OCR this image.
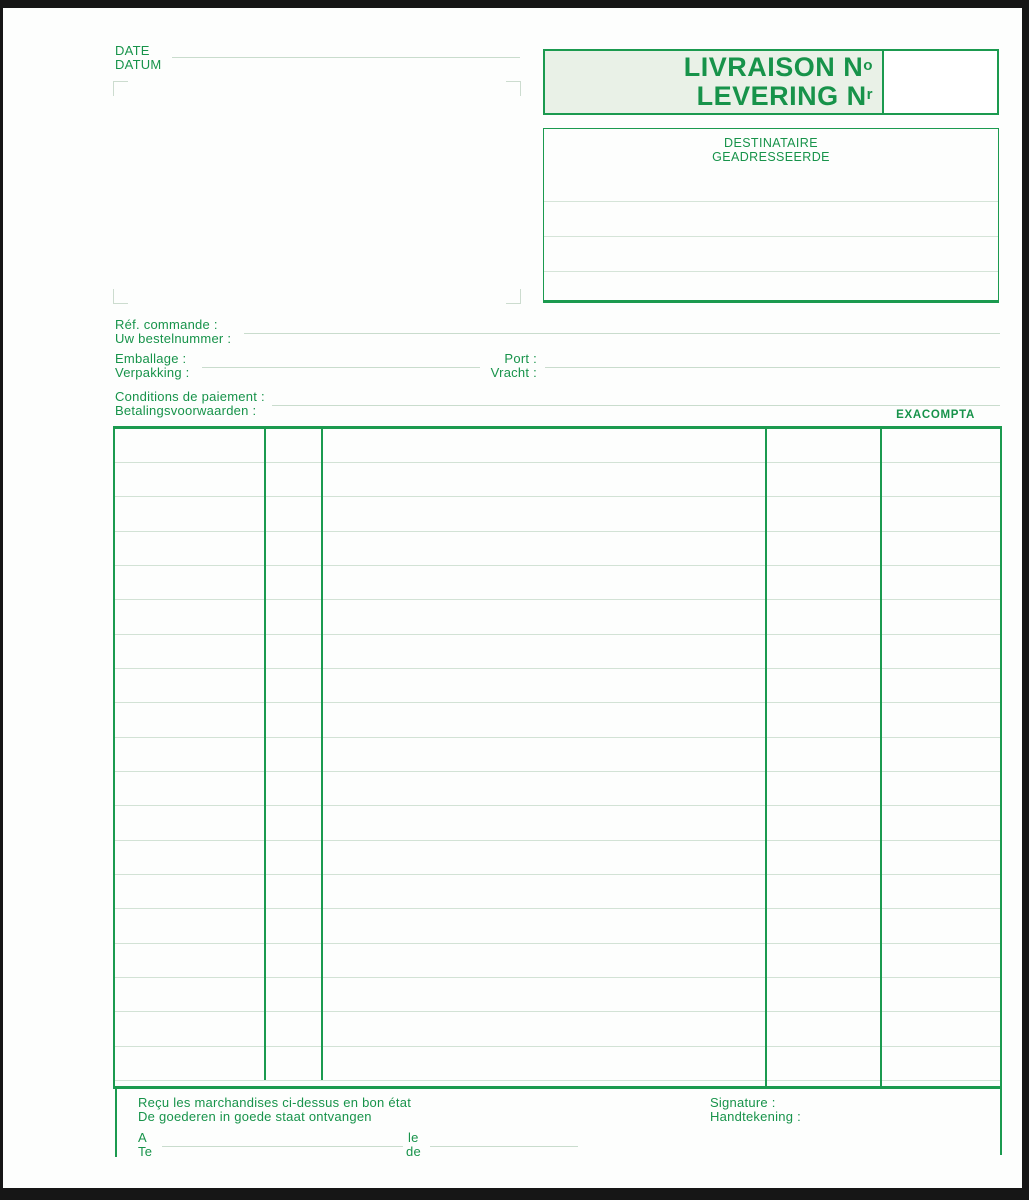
DATE
DATUM	LIVRAISON $N^o$
LEVERING $N^r$
DESTINATAIRE
GEADRESSEERDE
Réf. commande :
Uw bestelnummer :
Emballage :
Verpakking :
Port :
Vracht :
Conditions de paiement :
Betalingsvoorwaarden :	EXACOMPTA
Reçu les marchandises ci-dessus en bon état
De goederen in goede staat ontvangen
Signature :
Handtekening :
A
Te
le
de
